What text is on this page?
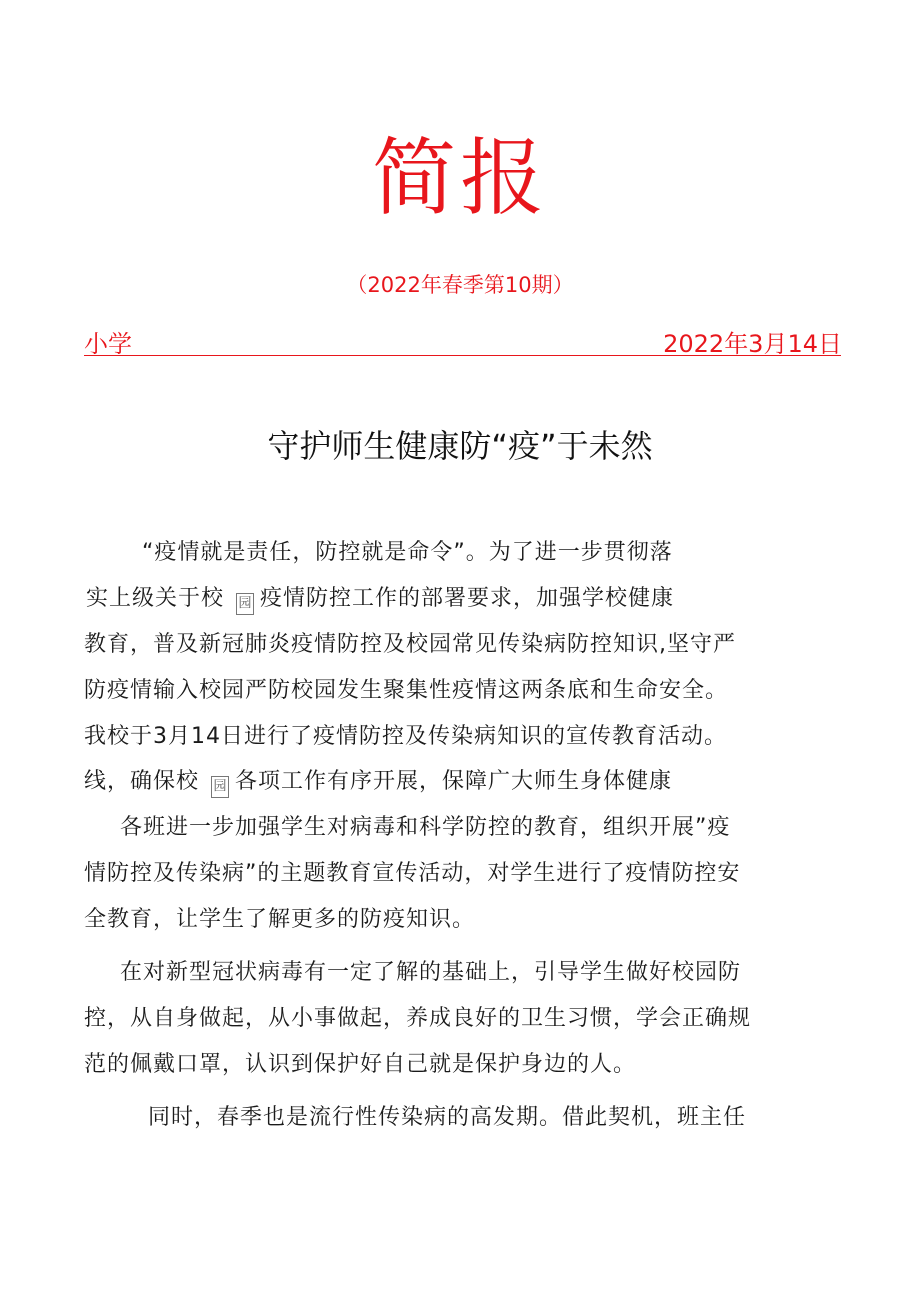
简报
（2022年春季第10期）
小学	2022年3月14日
守护师生健康防“疫”于未然
“疫情就是责任，防控就是命令”。为了进一步贯彻落
实上级关于校 园 疫情防控工作的部署要求，加强学校健康
教育，普及新冠肺炎疫情防控及校园常见传染病防控知识,坚守严
防疫情输入校园严防校园发生聚集性疫情这两条底和生命安全。
我校于3月14日进行了疫情防控及传染病知识的宣传教育活动。
线，确保校 园 各项工作有序开展，保障广大师生身体健康
各班进一步加强学生对病毒和科学防控的教育，组织开展”疫
情防控及传染病”的主题教育宣传活动，对学生进行了疫情防控安
全教育，让学生了解更多的防疫知识。
在对新型冠状病毒有一定了解的基础上，引导学生做好校园防
控，从自身做起，从小事做起，养成良好的卫生习惯，学会正确规
范的佩戴口罩，认识到保护好自己就是保护身边的人。
同时，春季也是流行性传染病的高发期。借此契机，班主任
